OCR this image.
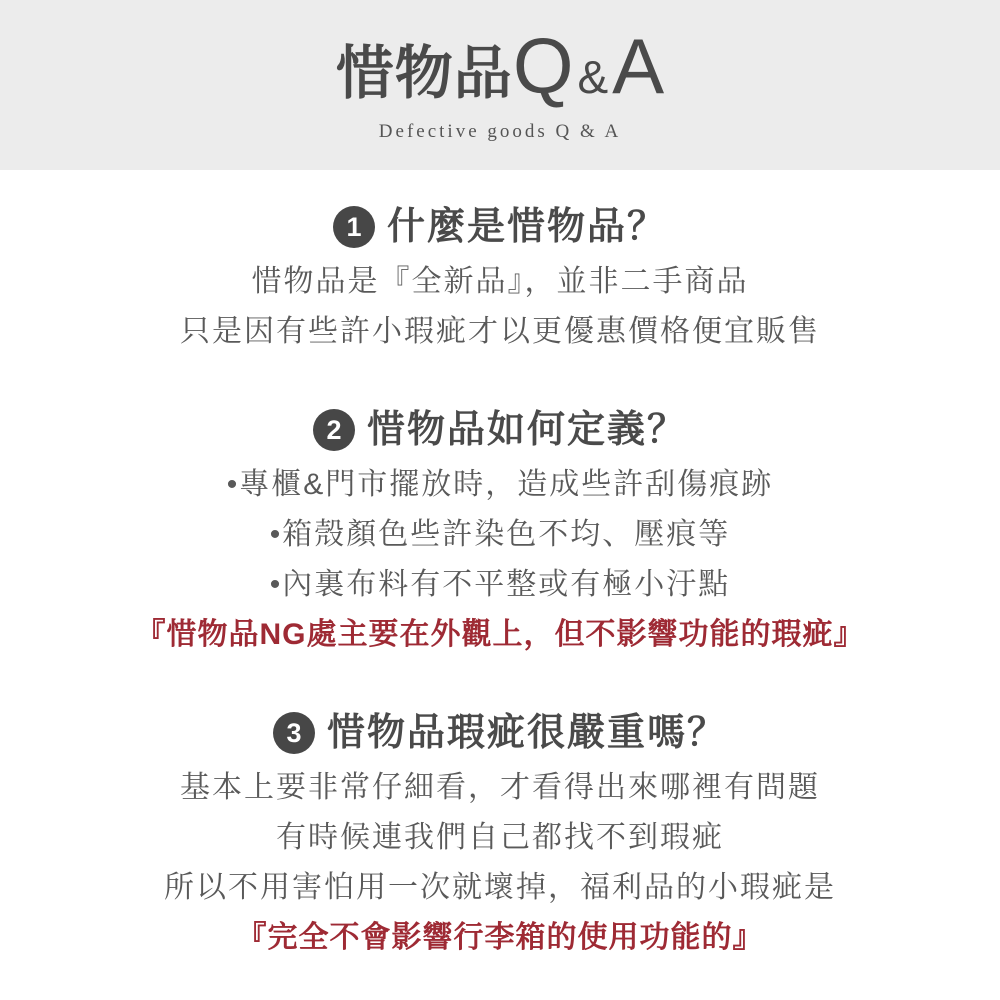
惜物品 Q & A
Defective goods Q & A
1 什麼是惜物品？

惜物品是『全新品』，並非二手商品

只是因有些許小瑕疵才以更優惠價格便宜販售

2 惜物品如何定義？

•專櫃&門市擺放時，造成些許刮傷痕跡

•箱殼顏色些許染色不均、壓痕等

•內裏布料有不平整或有極小汙點

『惜物品NG處主要在外觀上，但不影響功能的瑕疵』

3 惜物品瑕疵很嚴重嗎？

基本上要非常仔細看，才看得出來哪裡有問題

有時候連我們自己都找不到瑕疵

所以不用害怕用一次就壞掉，福利品的小瑕疵是

『完全不會影響行李箱的使用功能的』
